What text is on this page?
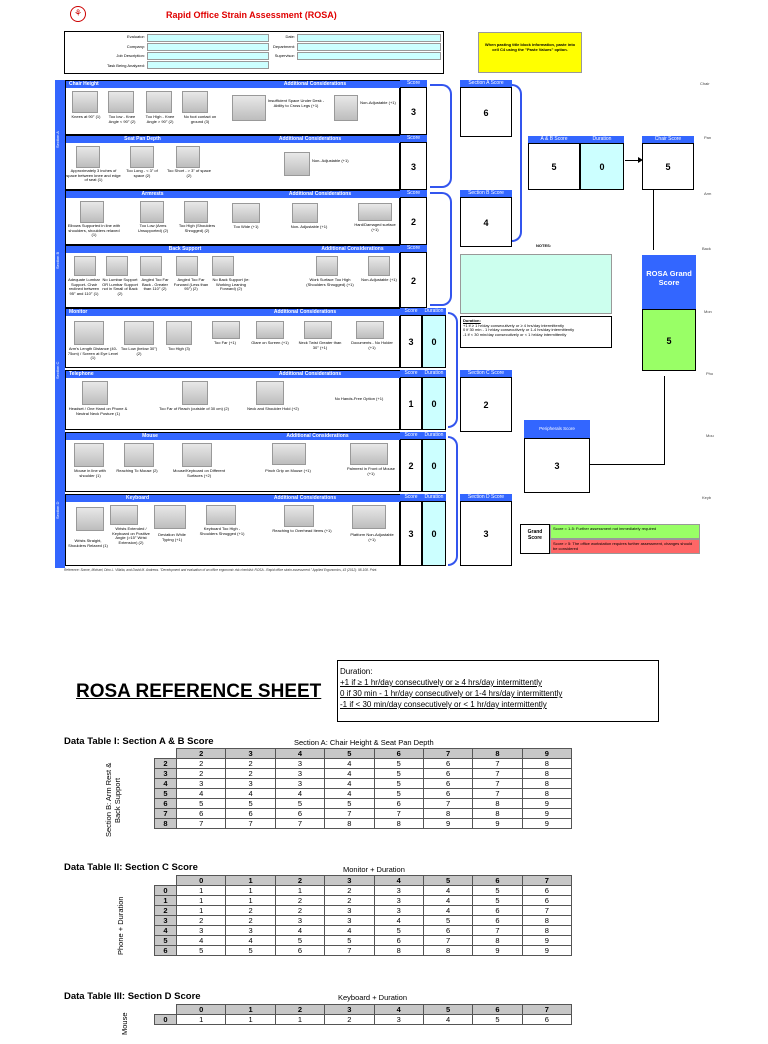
⚘	Rapid Office Strain Assessment (ROSA)
Evaluator:
Company:
Job Description:
Task Being Analyzed:
Date:
Department:
Supervisor:
When pasting title block information, paste into cell C4 using the "Paste Values" option.
Section A
Section B
Section C
Section D
Chair Height	Additional Considerations
Knees at 90° (1)	Too low - Knee Angle < 90° (2)
Too High - Knee Angle > 90° (2)
No foot contact on ground (3)
Insufficient Space Under Desk - Ability to Cross Legs (+1)
Non-Adjustable (+1)
Score
3
Seat Pan Depth	Additional Considerations
Approximately 3 inches of space between knee and edge of seat (1)
Too Long - < 3" of space (2)
Too Short - > 3" of space (2)
Non- Adjustable (+1)
Score
3
Armrests	Additional Considerations
Elbows Supported in line with shoulders, shoulders relaxed (1)
Too Low (Arms Unsupported) (2)
Too High (Shoulders Shrugged) (2)
Too Wide (+1)	Non- Adjustable (+1)	Hard/Damaged surface (+1)
Score
2
Back Support	Additional Considerations
Adequate Lumbar Support- Chair reclined between 95° and 110° (1)
No Lumbar Support OR Lumbar Support not in Small of Back (2)
Angled Too Far Back - Greater than 110° (2)
Angled Too Far Forward (Less than 95°) (2)
No Back Support (ie: Working Leaning Forward) (2)
Work Surface Too High (Shoulders Shrugged) (+1)
Non-Adjustable (+1)
Score
2
Monitor	Additional Considerations
Arm's Length Distance (40-75cm) / Screen at Eye Level (1)
Too Low (below 30°) (2)
Too High (3)
Too Far (+1)	Glare on Screen (+1)	Neck Twist Greater than 30° (+1)
Documents - No Holder (+1)
Score	Duration
3	0
Telephone	Additional Considerations
Headset / One Hand on Phone & Neutral Neck Posture (1)
Too Far of Reach (outside of 30 cm) (2)	Neck and Shoulder Hold (+2)
No Hands-Free Option (+1)
Score	Duration
1	0
Mouse	Additional Considerations
Mouse in line with shoulder (1)
Reaching To Mouse (2)	Mouse/Keyboard on Different Surfaces (+2)
Pinch Grip on Mouse (+1)	Palmrest in Front of Mouse (+1)
Score	Duration
2	0
Keyboard	Additional Considerations
Wrists Straight, Shoulders Relaxed (1)
Wrists Extended / Keyboard on Positive Angle (>15° Wrist Extension) (2)
Deviation While Typing (+1)
Keyboard Too High - Shoulders Shrugged (+1)
Reaching to Overhead Items (+1)
Platform Non-Adjustable (+1)
Score	Duration
3	0
Section A Score
6
Section B Score
4
Section C Score
2
Section D Score
3
A & B Score
5
Duration
0
Chair Score
5
NOTES:
Duration:
+1 if ≥ 1 hr/day consecutively or ≥ 4 hrs/day intermittently
0 if 30 min - 1 hr/day consecutively or 1-4 hrs/day intermittently
-1 if < 30 min/day consecutively or < 1 hr/day intermittently
Peripherals Score
3
ROSA Grand Score
5
Grand Score
Score = 1-5: Further assessment not immediately required
Score > 5: The office workstation requires further assessment, changes should be considered
Chair
Pan
Arm
Back
Mon
Pho
Mou
Keyb
Reference: Sonne, Michael, Dino L. Villalta, and David M. Andrews. "Development and evaluation of an office ergonomic risk checklist: ROSA - Rapid office strain assessment." Applied Ergonomics, 43 (2012): 98-108. Print.
ROSA REFERENCE SHEET
Duration:
+1 if ≥ 1 hr/day consecutively or ≥ 4 hrs/day intermittently
0 if 30 min - 1 hr/day consecutively or 1-4 hrs/day intermittently
-1 if < 30 min/day consecutively or < 1 hr/day intermittently
Data Table I: Section A & B Score	Section A: Chair Height & Seat Pan Depth
Section B: Arm Rest & Back Support
	2	3	4	5	6	7	8	9
2	2	2	3	4	5	6	7	8
3	2	2	3	4	5	6	7	8
4	3	3	3	4	5	6	7	8
5	4	4	4	4	5	6	7	8
6	5	5	5	5	6	7	8	9
7	6	6	6	7	7	8	8	9
8	7	7	7	8	8	9	9	9
Data Table II: Section C Score	Monitor + Duration
Phone + Duration
	0	1	2	3	4	5	6	7
0	1	1	1	2	3	4	5	6
1	1	1	2	2	3	4	5	6
2	1	2	2	3	3	4	6	7
3	2	2	3	3	4	5	6	8
4	3	3	4	4	5	6	7	8
5	4	4	5	5	6	7	8	9
6	5	5	6	7	8	8	9	9
Data Table III: Section D Score	Keyboard + Duration
Mouse
	0	1	2	3	4	5	6	7
0	1	1	1	2	3	4	5	6
